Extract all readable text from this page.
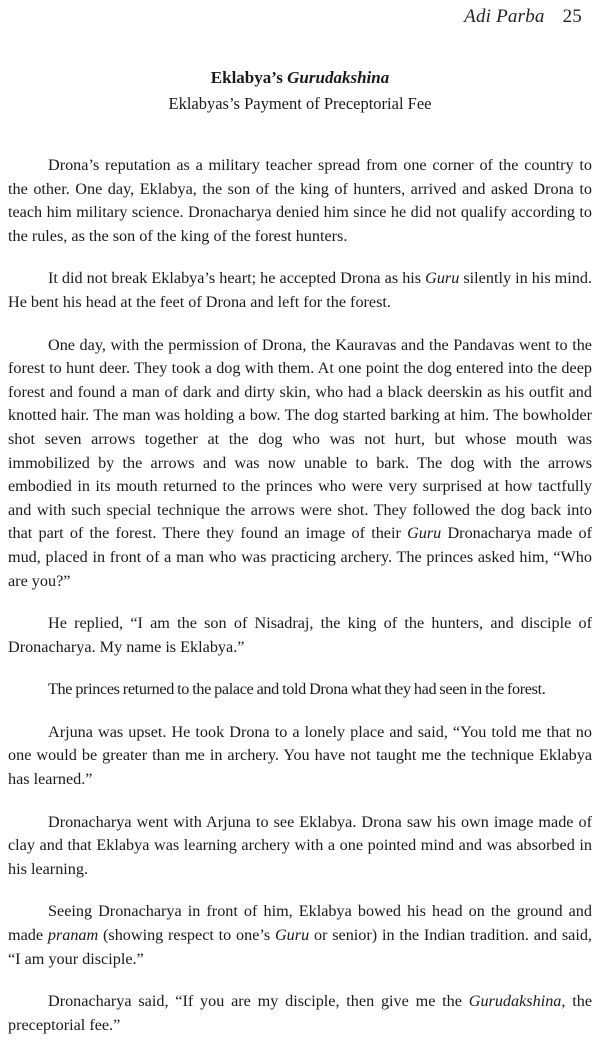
Adi Parba 25
Eklabya’s Gurudakshina
Eklabyas’s Payment of Preceptorial Fee

Drona’s reputation as a military teacher spread from one corner of the country to the other. One day, Eklabya, the son of the king of hunters, arrived and asked Drona to teach him military science. Dronacharya denied him since he did not qualify according to the rules, as the son of the king of the forest hunters.

It did not break Eklabya’s heart; he accepted Drona as his Guru silently in his mind. He bent his head at the feet of Drona and left for the forest.

One day, with the permission of Drona, the Kauravas and the Pandavas went to the forest to hunt deer. They took a dog with them. At one point the dog entered into the deep forest and found a man of dark and dirty skin, who had a black deerskin as his outfit and knotted hair. The man was holding a bow. The dog started barking at him. The bowholder shot seven arrows together at the dog who was not hurt, but whose mouth was immobilized by the arrows and was now unable to bark. The dog with the arrows embodied in its mouth returned to the princes who were very surprised at how tactfully and with such special technique the arrows were shot. They followed the dog back into that part of the forest. There they found an image of their Guru Dronacharya made of mud, placed in front of a man who was practicing archery. The princes asked him, “Who are you?”

He replied, “I am the son of Nisadraj, the king of the hunters, and disciple of Dronacharya. My name is Eklabya.”

The princes returned to the palace and told Drona what they had seen in the forest.

Arjuna was upset. He took Drona to a lonely place and said, “You told me that no one would be greater than me in archery. You have not taught me the technique Eklabya has learned.”

Dronacharya went with Arjuna to see Eklabya. Drona saw his own image made of clay and that Eklabya was learning archery with a one pointed mind and was absorbed in his learning.

Seeing Dronacharya in front of him, Eklabya bowed his head on the ground and made pranam (showing respect to one’s Guru or senior) in the Indian tradition. and said, “I am your disciple.”

Dronacharya said, “If you are my disciple, then give me the Gurudakshina, the preceptorial fee.”
